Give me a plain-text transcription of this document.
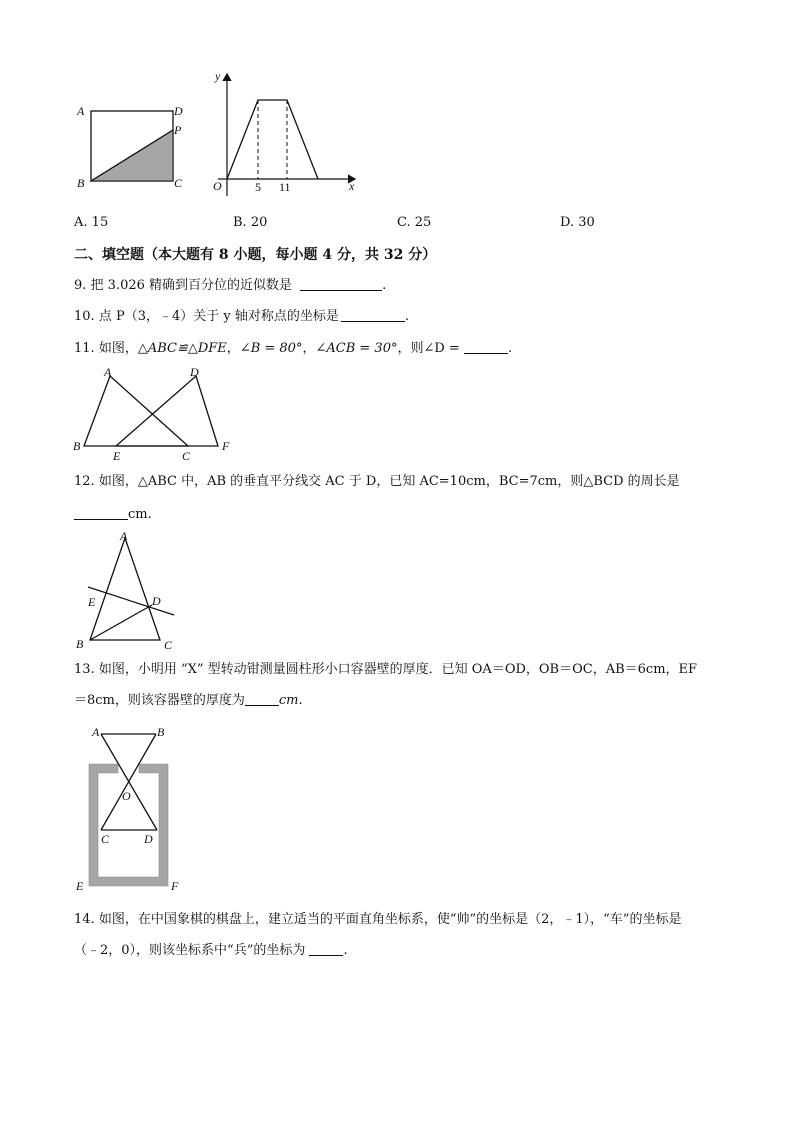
A	D
P
B	C
y
x
O	5 11
A. 15	B. 20	C. 25	D. 30
二、填空题（本大题有 8 小题，每小题 4 分，共 32 分）
9. 把 3.026 精确到百分位的近似数是	.
10. 点 P（3，﹣4）关于 y 轴对称点的坐标是	.
11. 如图，△ABC≌△DFE，∠B = 80°，∠ACB = 30°，则∠D =	.
A	D
B
E	C
F
12. 如图，△ABC 中，AB 的垂直平分线交 AC 于 D，已知 AC=10cm，BC=7cm，则△BCD 的周长是
cm.
A
E	D
B	C
13. 如图，小明用 “X” 型转动钳测量圆柱形小口容器壁的厚度．已知 OA＝OD，OB＝OC，AB＝6cm，EF
＝8cm，则该容器壁的厚度为	cm.
A	B
O
C	D
E	F
14. 如图，在中国象棋的棋盘上，建立适当的平面直角坐标系，使“帅”的坐标是（2，﹣1），“车”的坐标是
（﹣2，0），则该坐标系中“兵”的坐标为	.
